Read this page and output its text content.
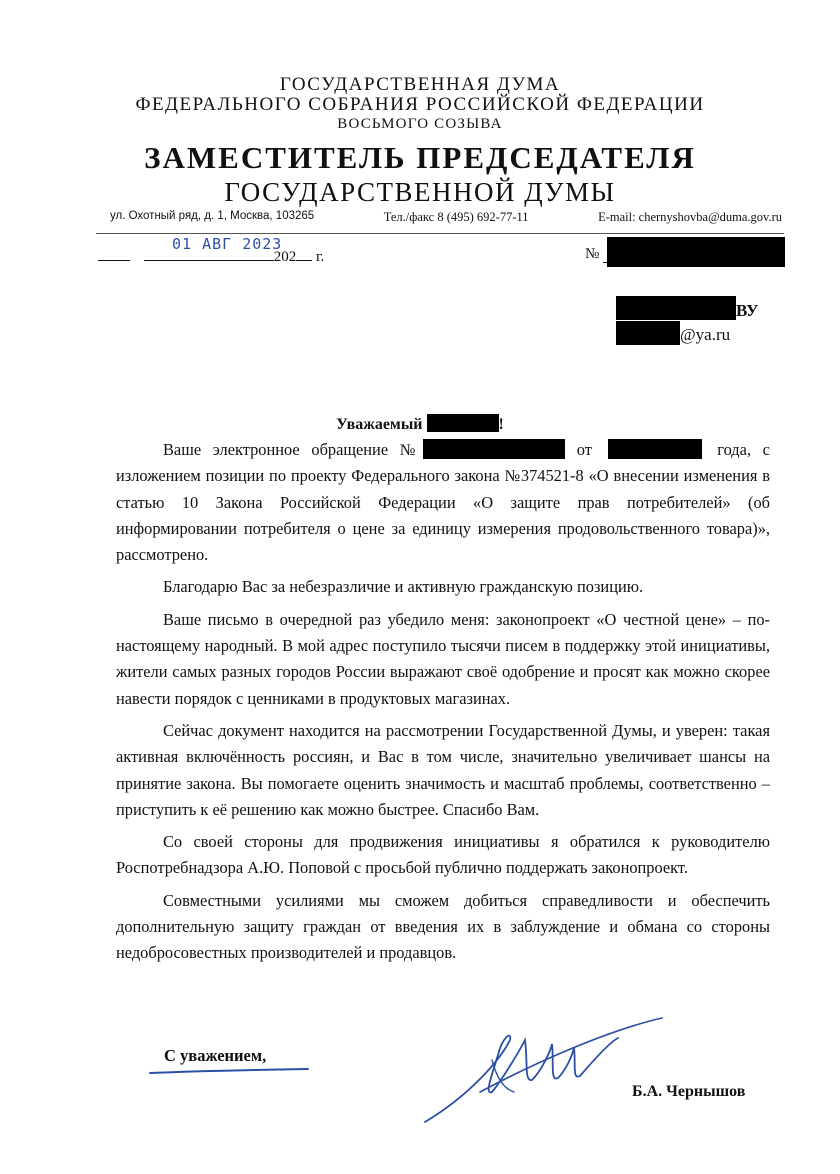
ГОСУДАРСТВЕННАЯ ДУМА
ФЕДЕРАЛЬНОГО СОБРАНИЯ РОССИЙСКОЙ ФЕДЕРАЦИИ
ВОСЬМОГО СОЗЫВА
ЗАМЕСТИТЕЛЬ ПРЕДСЕДАТЕЛЯ
ГОСУДАРСТВЕННОЙ ДУМЫ
ул. Охотный ряд, д. 1, Москва, 103265	Тел./факс 8 (495) 692-77-11	E-mail: chernyshovba@duma.gov.ru
01 АВГ 2023
202 г.	№
ВУ
@ya.ru
Уважаемый	!

Ваше электронное обращение №	от	года, с изложением позиции по проекту Федерального закона №374521-8 «О внесении изменения в статью 10 Закона Российской Федерации «О защите прав потребителей» (об информировании потребителя о цене за единицу измерения продовольственного товара)», рассмотрено.

Благодарю Вас за небезразличие и активную гражданскую позицию.

Ваше письмо в очередной раз убедило меня: законопроект «О честной цене» – по-настоящему народный. В мой адрес поступило тысячи писем в поддержку этой инициативы, жители самых разных городов России выражают своё одобрение и просят как можно скорее навести порядок с ценниками в продуктовых магазинах.

Сейчас документ находится на рассмотрении Государственной Думы, и уверен: такая активная включённость россиян, и Вас в том числе, значительно увеличивает шансы на принятие закона. Вы помогаете оценить значимость и масштаб проблемы, соответственно – приступить к её решению как можно быстрее. Спасибо Вам.

Со своей стороны для продвижения инициативы я обратился к руководителю Роспотребнадзора А.Ю. Поповой с просьбой публично поддержать законопроект.

Совместными усилиями мы сможем добиться справедливости и обеспечить дополнительную защиту граждан от введения их в заблуждение и обмана со стороны недобросовестных производителей и продавцов.

С уважением,
Б.А. Чернышов
